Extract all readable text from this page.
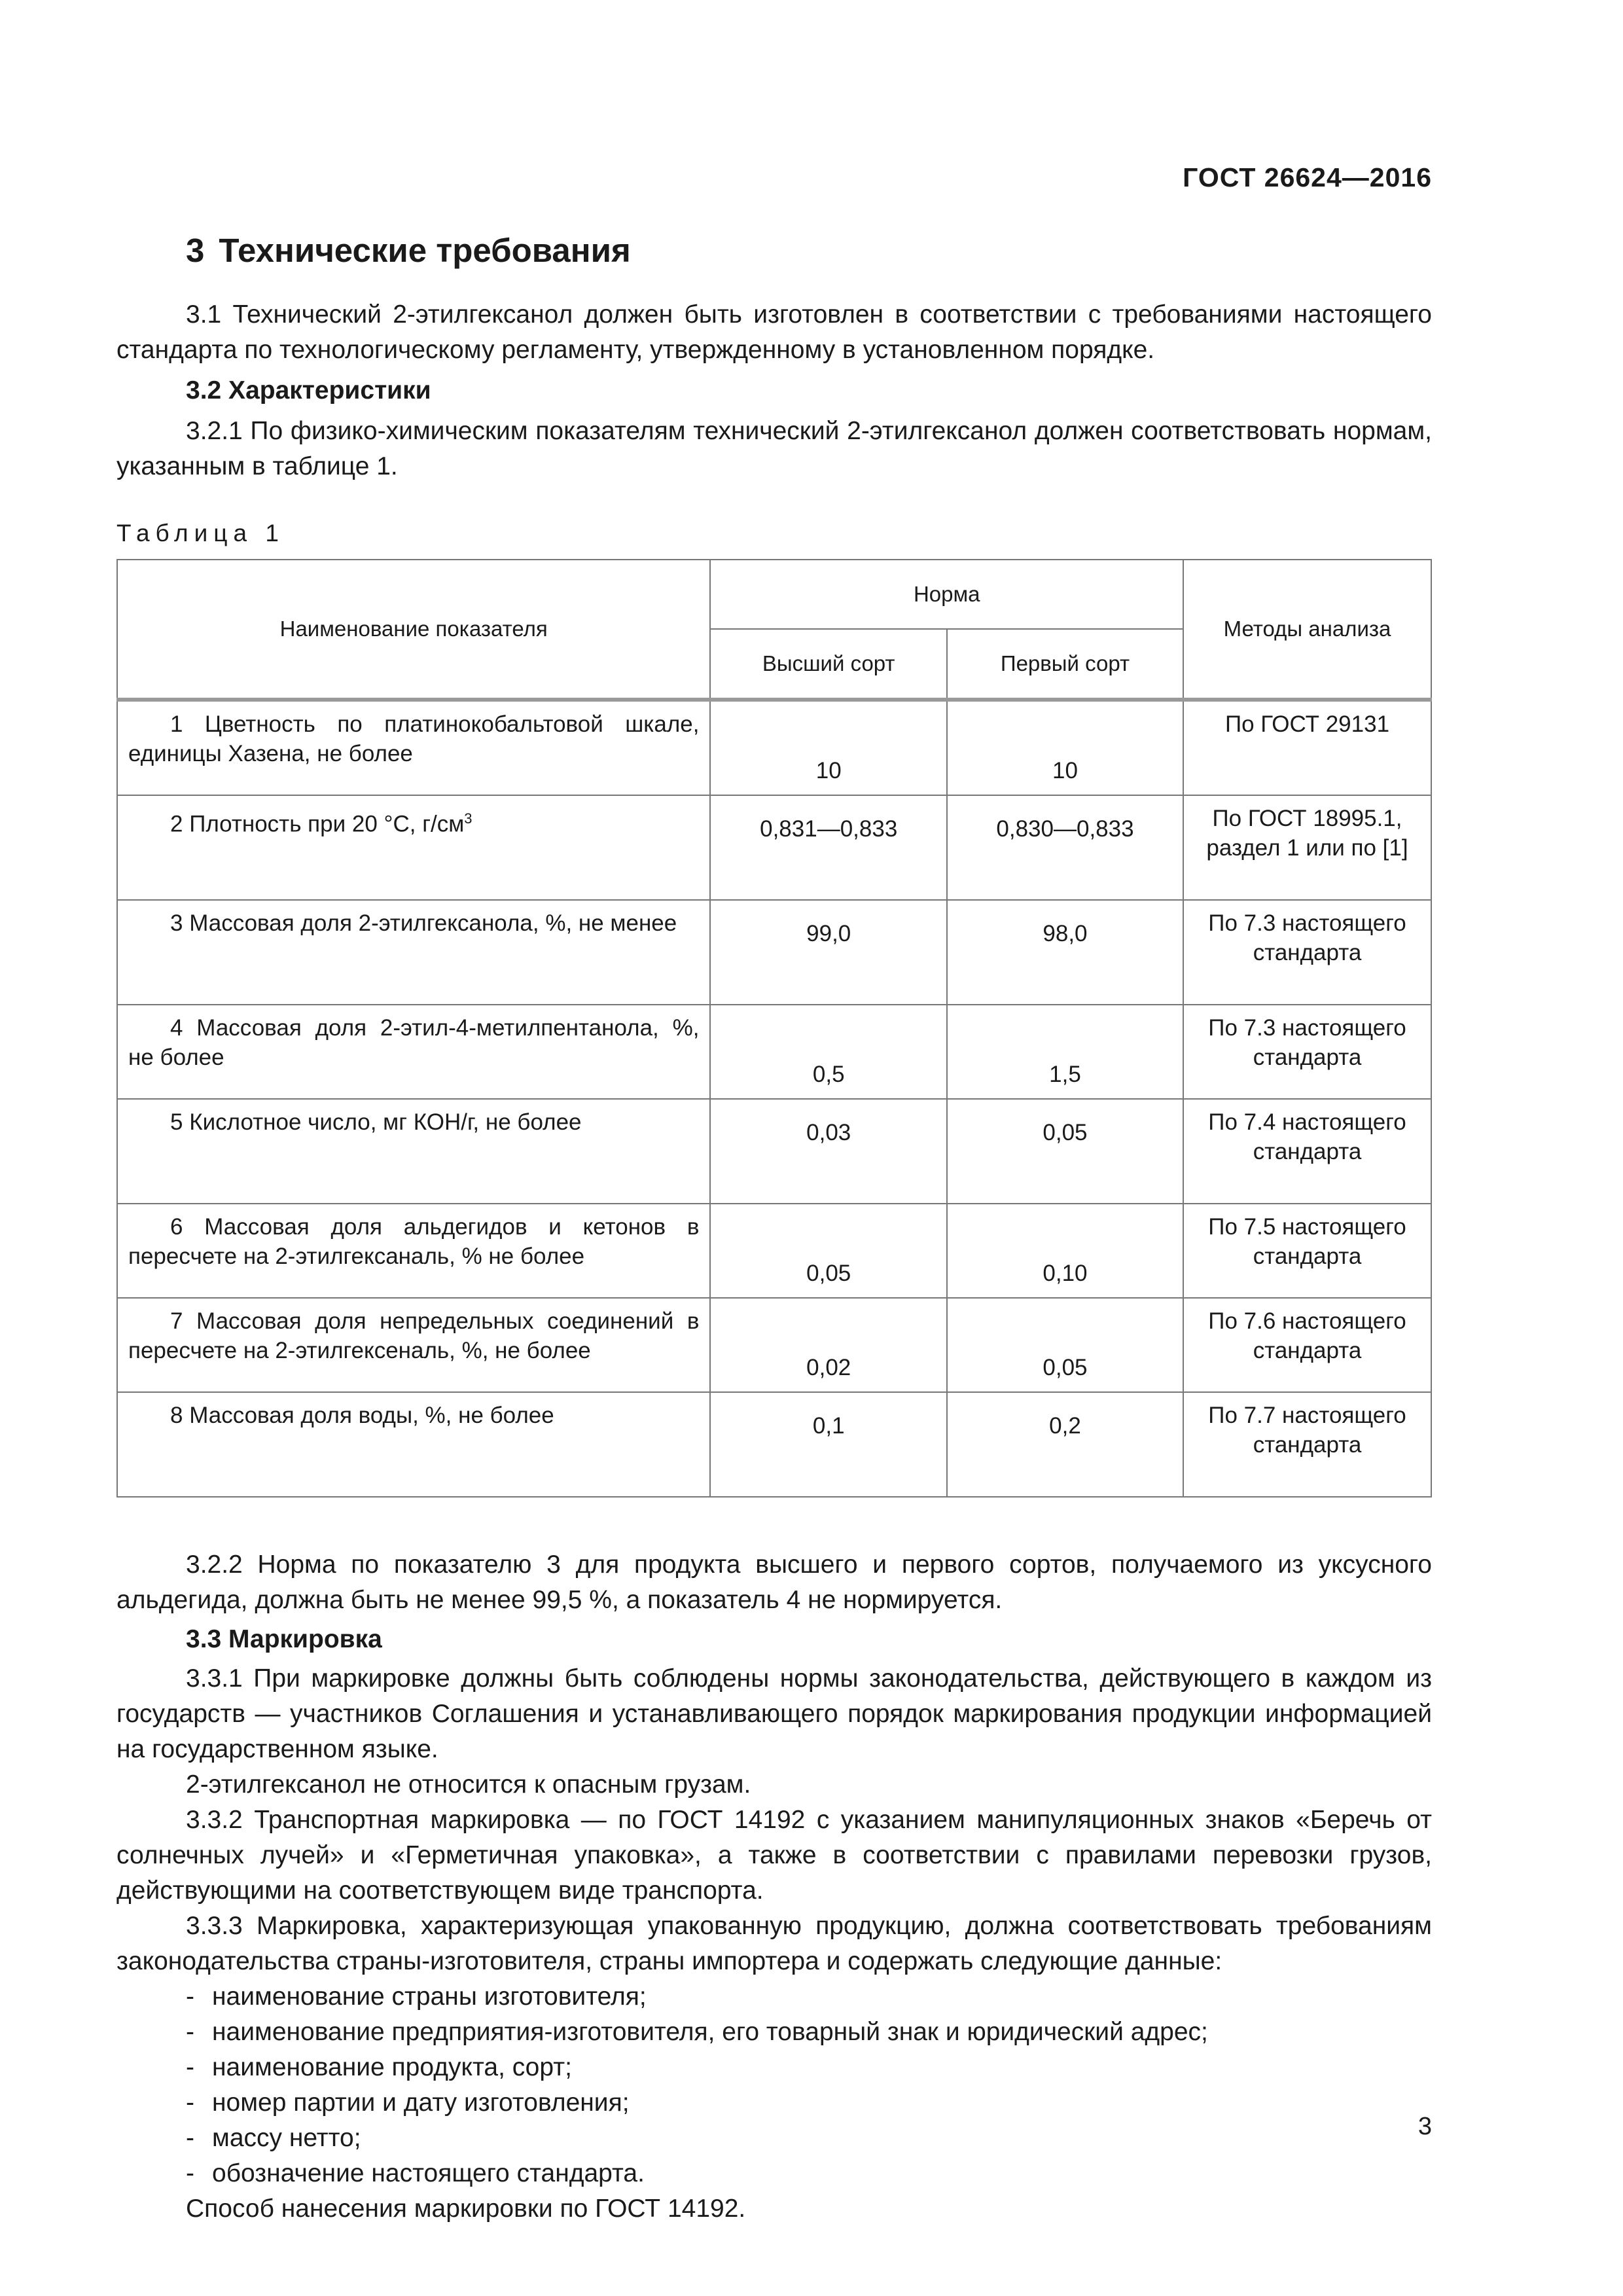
ГОСТ 26624—2016
3 Технические требования

3.1 Технический 2-этилгексанол должен быть изготовлен в соответствии с требованиями настоящего стандарта по технологическому регламенту, утвержденному в установленном порядке.

3.2 Характеристики

3.2.1 По физико-химическим показателям технический 2-этилгексанол должен соответствовать нормам, указанным в таблице 1.

Таблица 1
Наименование показателя	Норма		Методы анализа
	Высший сорт	Первый сорт	
1 Цветность по платинокобальтовой шкале, единицы Хазена, не более	10	10	По ГОСТ 29131
2 Плотность при 20 °С, $г/см^3$	0,831—0,833	0,830—0,833	По ГОСТ 18995.1, раздел 1 или по [1]
3 Массовая доля 2-этилгексанола, %, не менее	99,0	98,0	По 7.3 настоящего стандарта
4 Массовая доля 2-этил-4-метилпентанола, %, не более	0,5	1,5	По 7.3 настоящего стандарта
5 Кислотное число, мг КОН/г, не более	0,03	0,05	По 7.4 настоящего стандарта
6 Массовая доля альдегидов и кетонов в пересчете на 2-этилгексаналь, % не более	0,05	0,10	По 7.5 настоящего стандарта
7 Массовая доля непредельных соединений в пересчете на 2-этилгексеналь, %, не более	0,02	0,05	По 7.6 настоящего стандарта
8 Массовая доля воды, %, не более	0,1	0,2	По 7.7 настоящего стандарта

3.2.2 Норма по показателю 3 для продукта высшего и первого сортов, получаемого из уксусного альдегида, должна быть не менее 99,5 %, а показатель 4 не нормируется.

3.3 Маркировка

3.3.1 При маркировке должны быть соблюдены нормы законодательства, действующего в каждом из государств — участников Соглашения и устанавливающего порядок маркирования продукции информацией на государственном языке.

2-этилгексанол не относится к опасным грузам.

3.3.2 Транспортная маркировка — по ГОСТ 14192 с указанием манипуляционных знаков «Беречь от солнечных лучей» и «Герметичная упаковка», а также в соответствии с правилами перевозки грузов, действующими на соответствующем виде транспорта.

3.3.3 Маркировка, характеризующая упакованную продукцию, должна соответствовать требованиям законодательства страны-изготовителя, страны импортера и содержать следующие данные:

- наименование страны изготовителя;
- наименование предприятия-изготовителя, его товарный знак и юридический адрес;
- наименование продукта, сорт;
- номер партии и дату изготовления;
- массу нетто;
- обозначение настоящего стандарта.

Способ нанесения маркировки по ГОСТ 14192.

3
